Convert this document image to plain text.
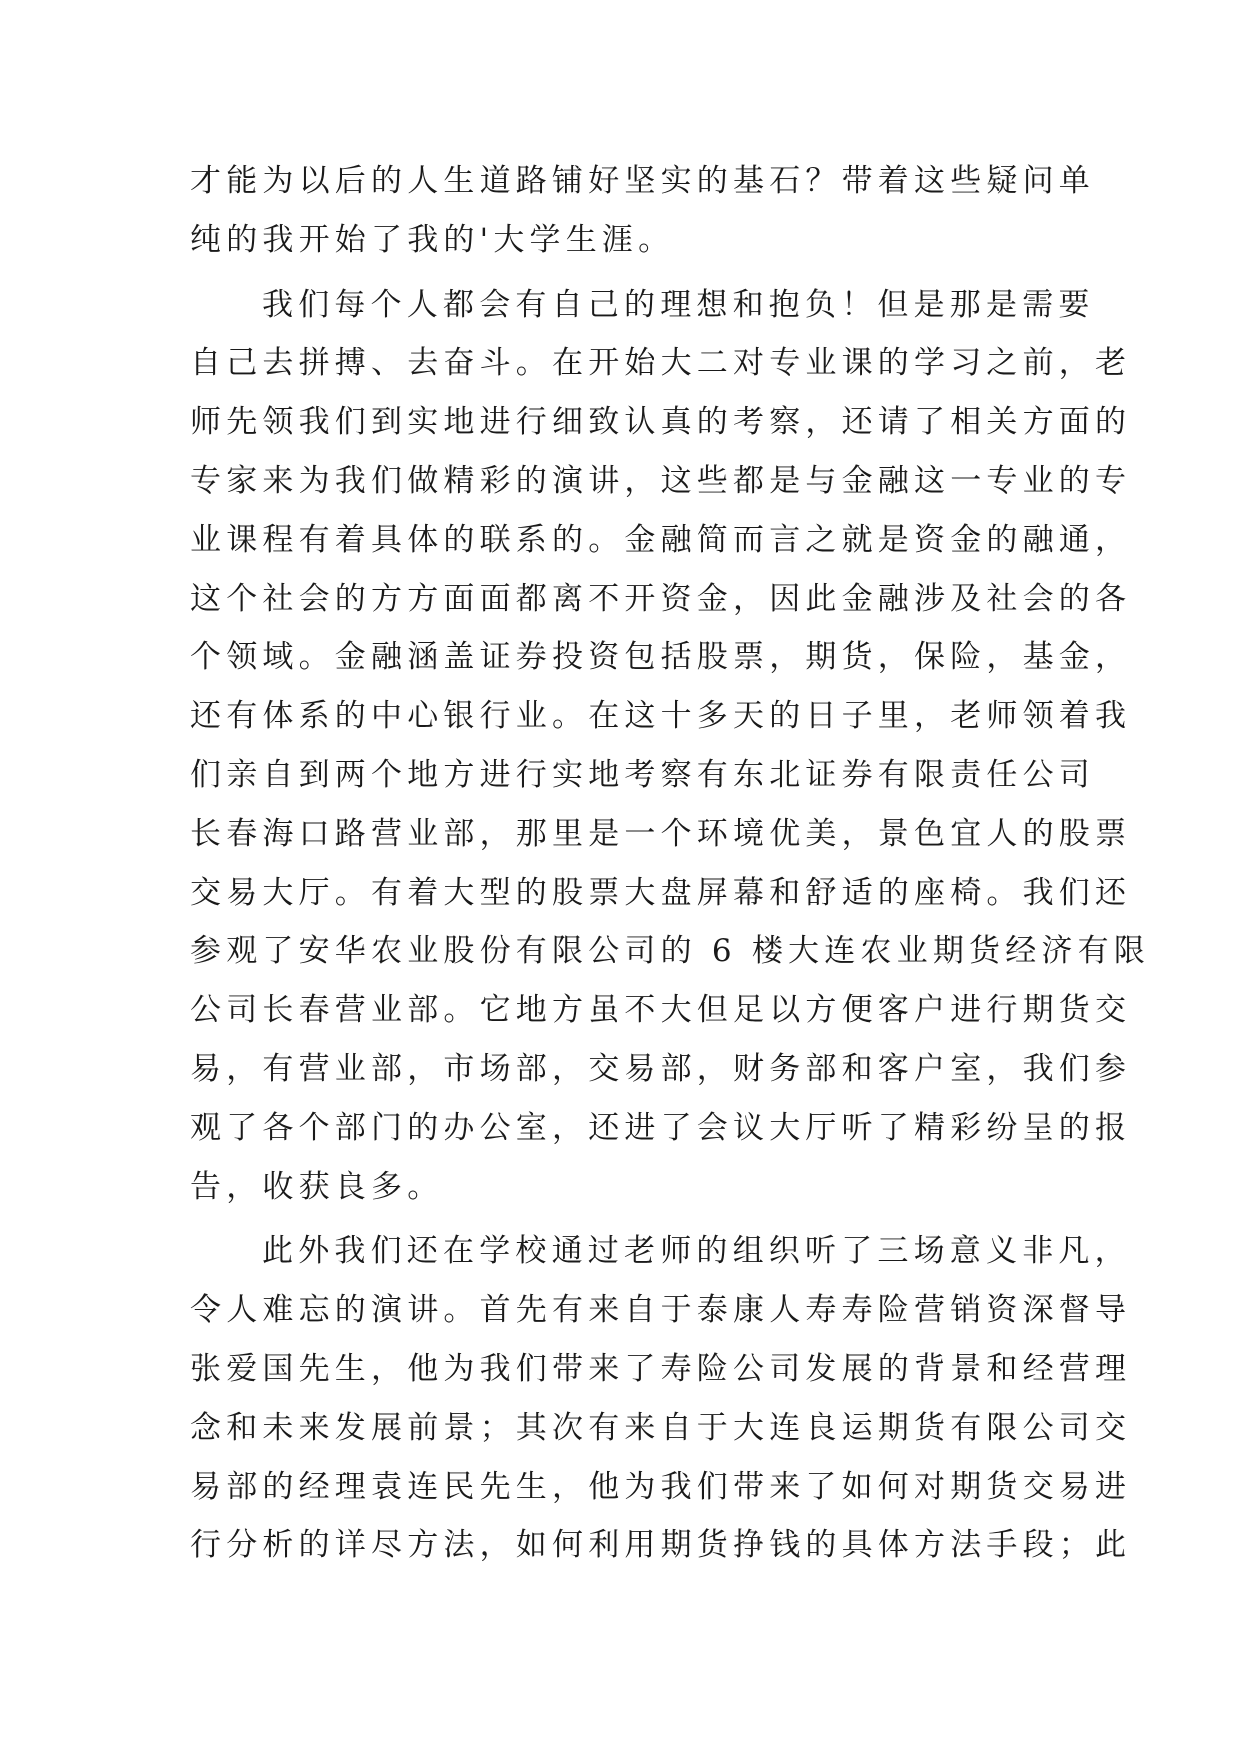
才能为以后的人生道路铺好坚实的基石？带着这些疑问单
纯的我开始了我的'大学生涯。
我们每个人都会有自己的理想和抱负！但是那是需要
自己去拼搏、去奋斗。在开始大二对专业课的学习之前，老
师先领我们到实地进行细致认真的考察，还请了相关方面的
专家来为我们做精彩的演讲，这些都是与金融这一专业的专
业课程有着具体的联系的。金融简而言之就是资金的融通，
这个社会的方方面面都离不开资金，因此金融涉及社会的各
个领域。金融涵盖证券投资包括股票，期货，保险，基金，
还有体系的中心银行业。在这十多天的日子里，老师领着我
们亲自到两个地方进行实地考察有东北证券有限责任公司
长春海口路营业部，那里是一个环境优美，景色宜人的股票
交易大厅。有着大型的股票大盘屏幕和舒适的座椅。我们还
参观了安华农业股份有限公司的 6 楼大连农业期货经济有限
公司长春营业部。它地方虽不大但足以方便客户进行期货交
易，有营业部，市场部，交易部，财务部和客户室，我们参
观了各个部门的办公室，还进了会议大厅听了精彩纷呈的报
告，收获良多。
此外我们还在学校通过老师的组织听了三场意义非凡，
令人难忘的演讲。首先有来自于泰康人寿寿险营销资深督导
张爱国先生，他为我们带来了寿险公司发展的背景和经营理
念和未来发展前景；其次有来自于大连良运期货有限公司交
易部的经理袁连民先生，他为我们带来了如何对期货交易进
行分析的详尽方法，如何利用期货挣钱的具体方法手段；此
